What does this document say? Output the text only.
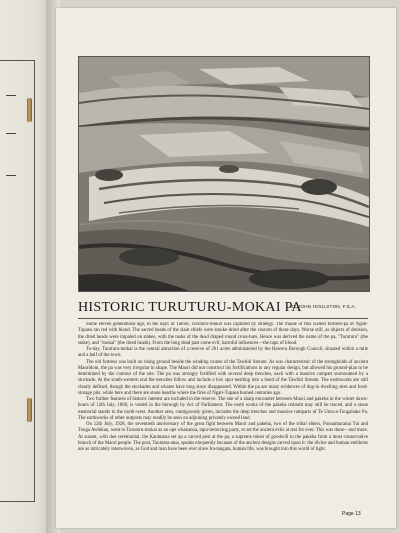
HISTORIC TURUTURU-MOKAI PA
BY JOHN HOULSTON, F.S.A.

Some eleven generations ago, in the days of Tatore, Turuturu-mokai was captured by strategy. The marae of this walled fortress-pa of Ngati-Tupaea ran red with blood. The sacred heads of the slain chiefs were smoke-dried after the custom of those days. Worse still, as objects of derision, the dried heads were impaled on stakes, with the tusks of the dead draped round cross-bars. Hence was derived the name of the pa, "Turuturu" (the stake), and "mokai" (the dried heads). From the long dead past come evil, harmful influences—the tapu of blood.

To-day, Turuturu-mokai is the central attraction of a reserve of 261 acres administered by the Hawera Borough Council, situated within a mile and a half of the town.

The old fortress was built on rising ground beside the winding course of the Tawhiti Stream. As was characteristic of the strongholds of ancient Maoridom, the pa was very irregular in shape. The Maori did not construct his fortifications to any regular design, but allowed his ground-plan to be determined by the contour of the site. The pa was strongly fortified with several deep trenches, each with a massive rampart surmounted by a stockade. At the south-western end the trenches follow and include a low spur nestling into a bend of the Tawhiti Stream. The earthworks are still clearly defined, though the stockades and whares have long since disappeared. Within the pa are many evidences of dug-in dwelling sites and food-storage pits, while here and there are stone hearths where the fires of Ngati-Tupaea burned centuries ago.

Two further features of historic interest are included in the reserve. The site of a sharp encounter between Maori and pakeha in the winter dawn-hours of 12th July, 1868, is vested in the borough by Act of Parliament. The earth works of the pakeha redoubt may still be traced, and a stone memorial stands to the north-west. Another area, contiguously given, includes the deep trenches and massive ramparts of Te Umu-a-Tongahake Pa. The earthworks of other outposts may readily be seen on adjoining privately owned land.

On 12th July, 1928, the seventieth anniversary of the great fight between Maori and pakeha, two of the tribal elders, Pounamurama Tui and Tonga Awhikau, went to Turuturu-mokai as an ope whakanoa, tapu-removing party, to set the ancient evils at rest for ever. This was done—and more. At sunset, with due ceremonial, the Kaumatua set up a carved post at the pa, a supreme token of goodwill to the pakeha from a most conservative branch of the Maori people. The post, Taumata-atua, speaks eloquently because of the ancient designs carved upon it: the divine and human emblems are as intricately interwoven, as God and man have been ever since Ira-tangata, human life, was brought into this world of light.

Page 13
